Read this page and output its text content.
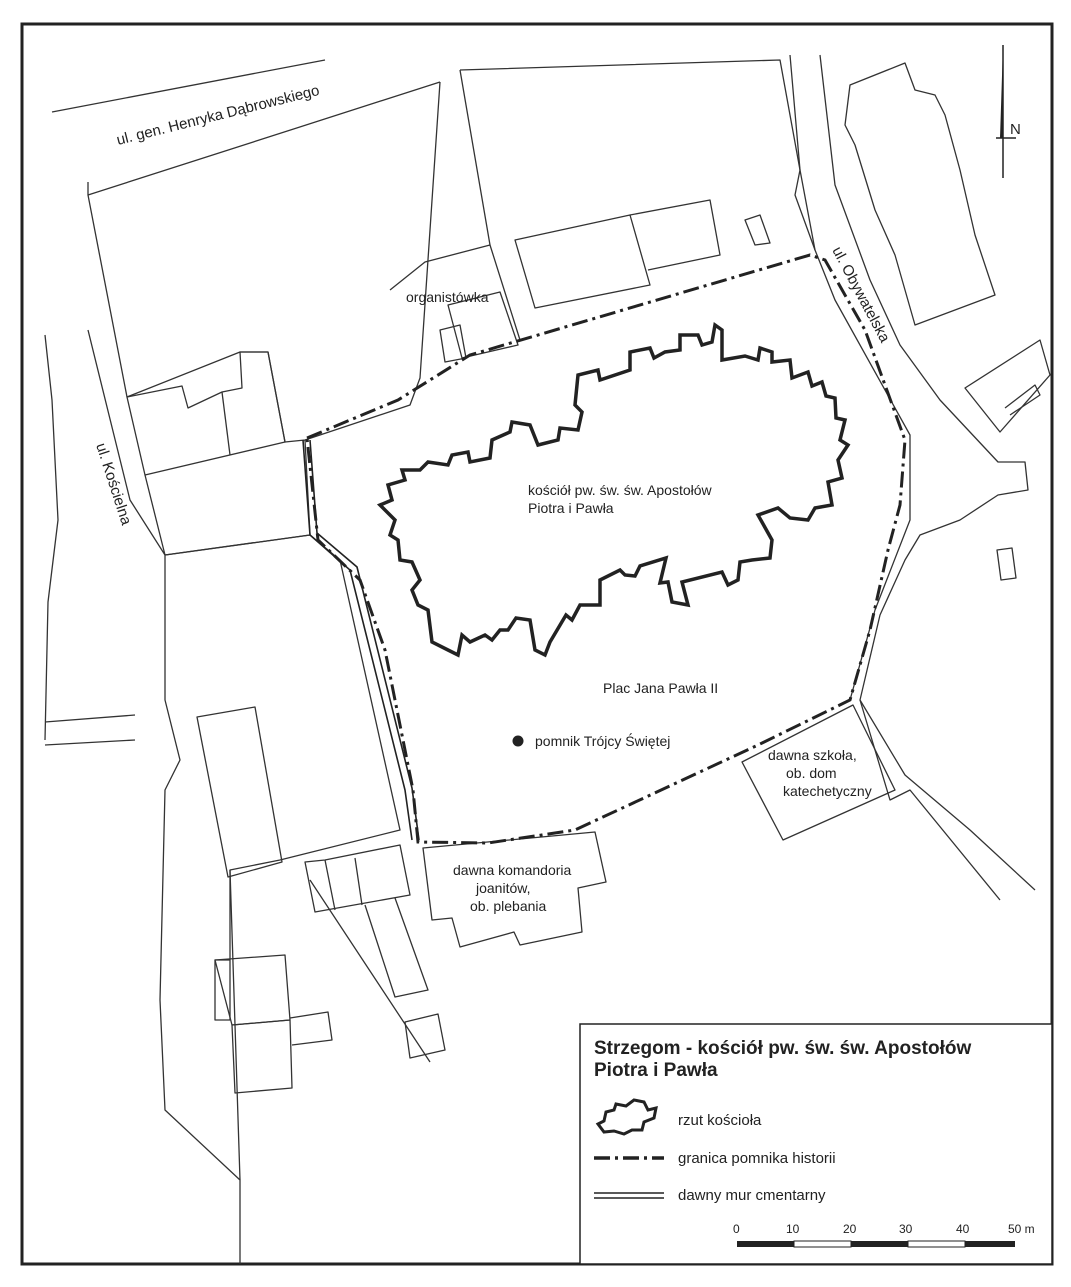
ul. gen. Henryka Dąbrowskiego
ul. Kościelna
ul. Obywatelska
organistówka
kościół pw. św. św. Apostołów
Piotra i Pawła
Plac Jana Pawła II
pomnik Trójcy Świętej
dawna szkoła,
ob. dom
katechetyczny
dawna komandoria
joanitów,
ob. plebania
N
Strzegom - kościół pw. św. św. Apostołów
Piotra i Pawła
rzut kościoła
granica pomnika historii
dawny mur cmentarny
0	10	20	30	40	50 m
